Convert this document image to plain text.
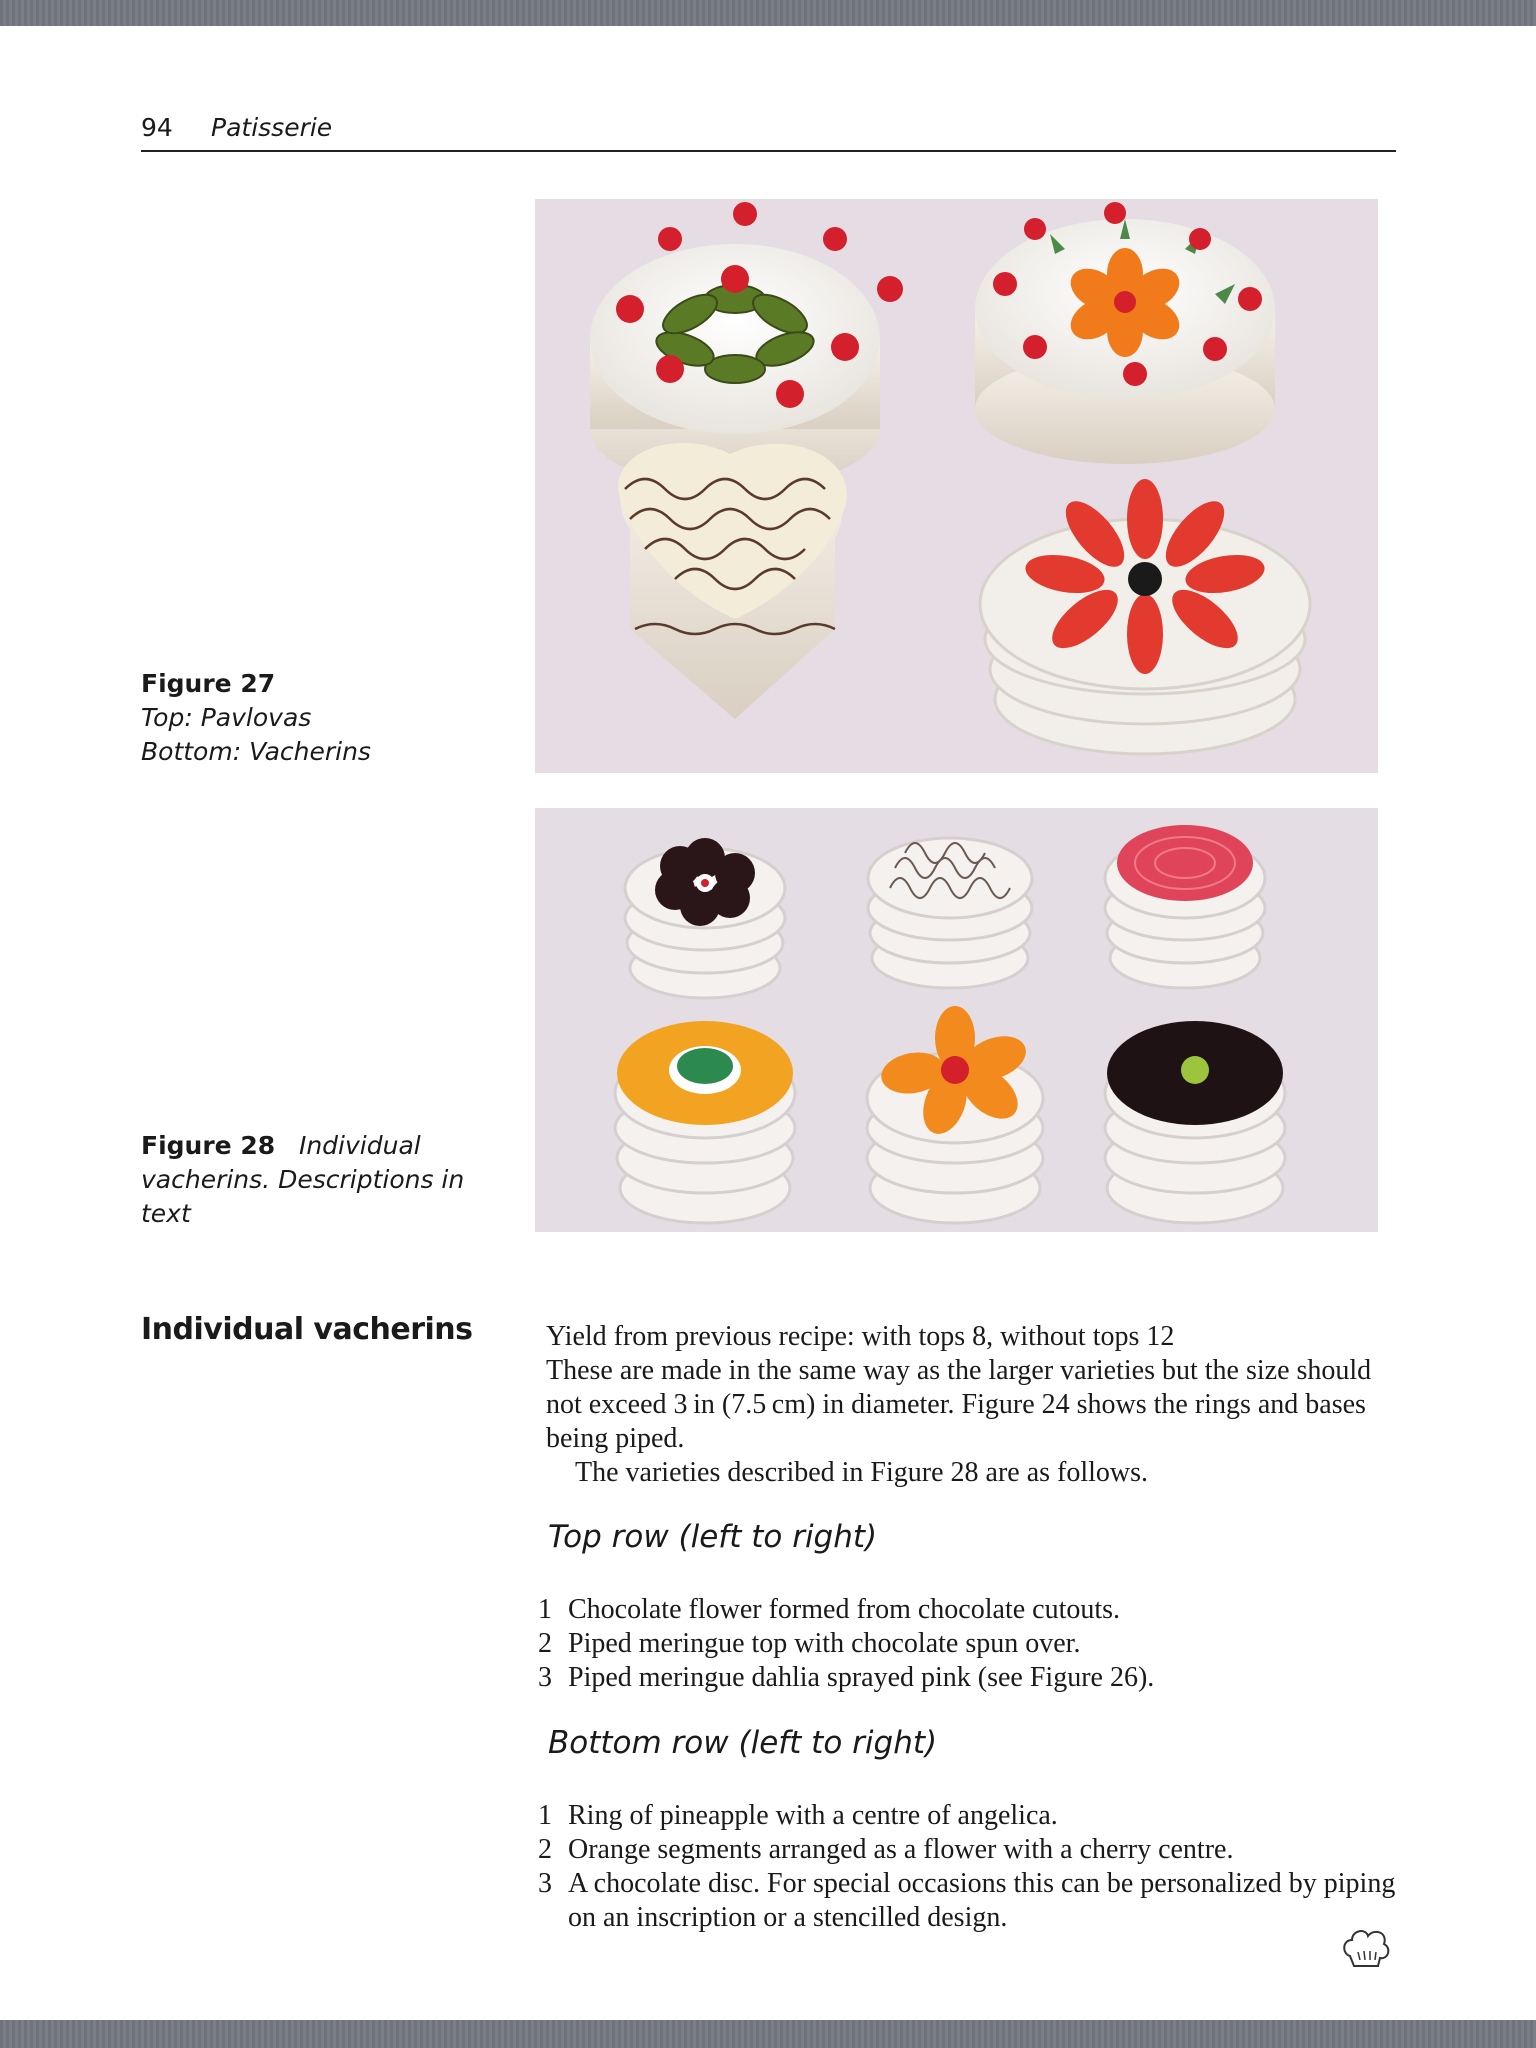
94 Patisserie
Figure 27
Top: Pavlovas
Bottom: Vacherins
Figure 28 Individual vacherins. Descriptions in text
Individual vacherins	Yield from previous recipe: with tops 8, without tops 12

These are made in the same way as the larger varieties but the size should not exceed 3 in (7.5 cm) in diameter. Figure 24 shows the rings and bases being piped.

The varieties described in Figure 28 are as follows.

Top row (left to right)
1 Chocolate flower formed from chocolate cutouts.
2 Piped meringue top with chocolate spun over.
3 Piped meringue dahlia sprayed pink (see Figure 26).
Bottom row (left to right)
1 Ring of pineapple with a centre of angelica.
2 Orange segments arranged as a flower with a cherry centre.
3 A chocolate disc. For special occasions this can be personalized by piping on an inscription or a stencilled design.
